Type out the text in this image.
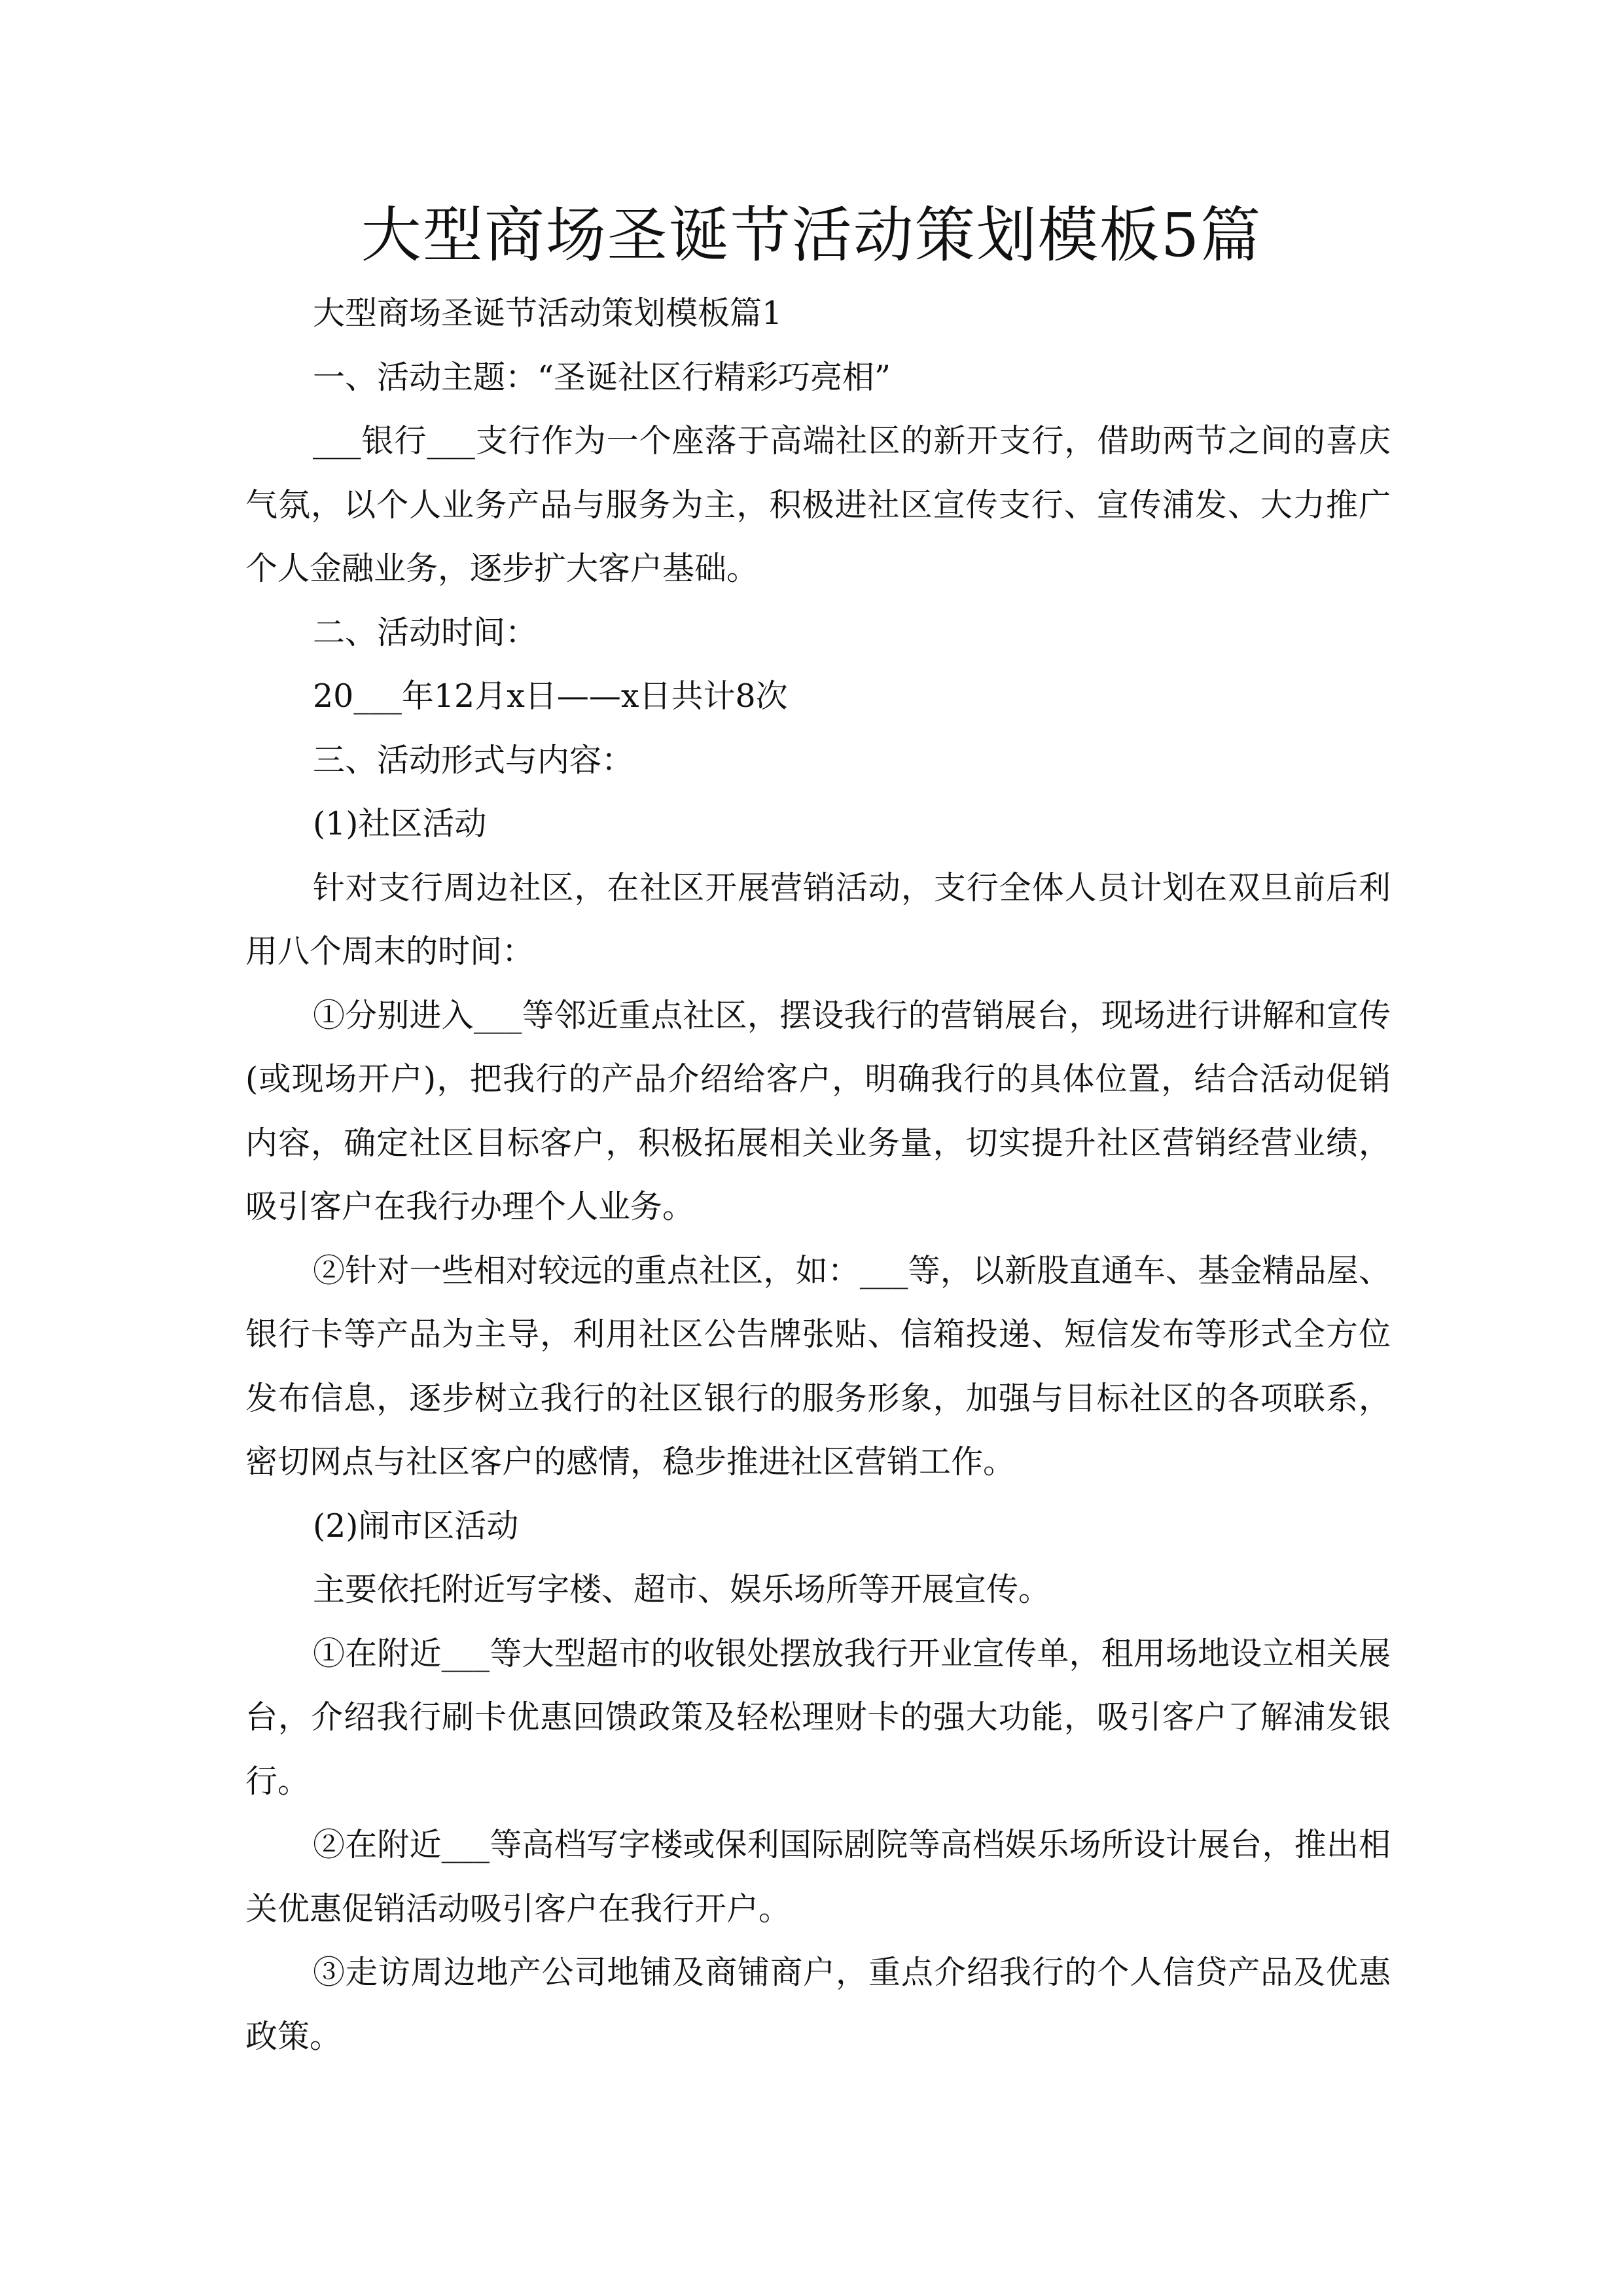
大型商场圣诞节活动策划模板5篇

大型商场圣诞节活动策划模板篇1

一、活动主题：“圣诞社区行精彩巧亮相”

___银行___支行作为一个座落于高端社区的新开支行，借助两节之间的喜庆气氛，以个人业务产品与服务为主，积极进社区宣传支行、宣传浦发、大力推广个人金融业务，逐步扩大客户基础。

二、活动时间：

20___年12月x日——x日共计8次

三、活动形式与内容：

(1)社区活动

针对支行周边社区，在社区开展营销活动，支行全体人员计划在双旦前后利用八个周末的时间：

①分别进入___等邻近重点社区，摆设我行的营销展台，现场进行讲解和宣传(或现场开户)，把我行的产品介绍给客户，明确我行的具体位置，结合活动促销内容，确定社区目标客户，积极拓展相关业务量，切实提升社区营销经营业绩，吸引客户在我行办理个人业务。

②针对一些相对较远的重点社区，如：___等，以新股直通车、基金精品屋、银行卡等产品为主导，利用社区公告牌张贴、信箱投递、短信发布等形式全方位发布信息，逐步树立我行的社区银行的服务形象，加强与目标社区的各项联系，密切网点与社区客户的感情，稳步推进社区营销工作。

(2)闹市区活动

主要依托附近写字楼、超市、娱乐场所等开展宣传。

①在附近___等大型超市的收银处摆放我行开业宣传单，租用场地设立相关展台，介绍我行刷卡优惠回馈政策及轻松理财卡的强大功能，吸引客户了解浦发银行。

②在附近___等高档写字楼或保利国际剧院等高档娱乐场所设计展台，推出相关优惠促销活动吸引客户在我行开户。

③走访周边地产公司地铺及商铺商户，重点介绍我行的个人信贷产品及优惠政策。
